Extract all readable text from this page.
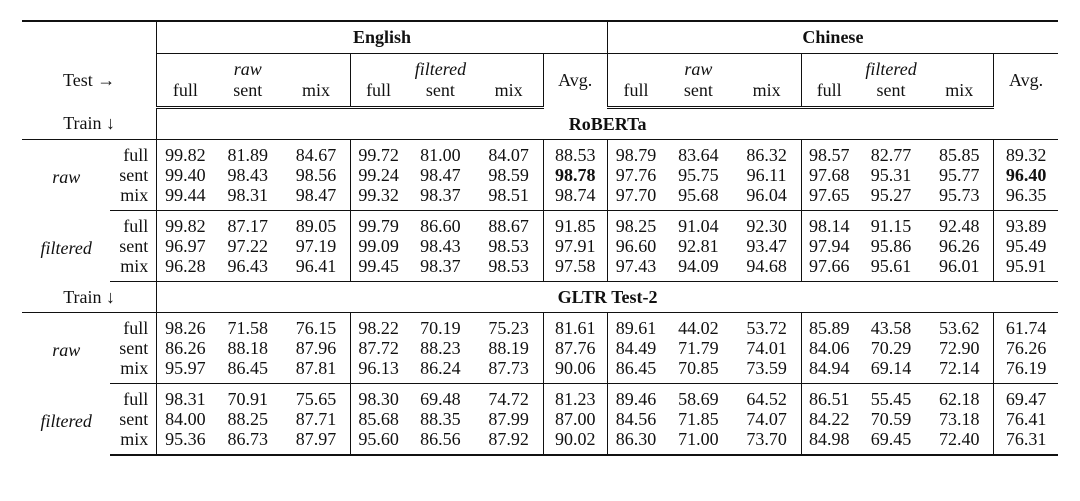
		English							Chinese						
Test →			raw			filtered		Avg.		raw			filtered		Avg.
		full	sent	mix	full	sent	mix		full	sent	mix	full	sent	mix	
Train ↓		RoBERTa													
raw	full	99.82	81.89	84.67	99.72	81.00	84.07	88.53	98.79	83.64	86.32	98.57	82.77	85.85	89.32
	sent	99.40	98.43	98.56	99.24	98.47	98.59	98.78	97.76	95.75	96.11	97.68	95.31	95.77	96.40
	mix	99.44	98.31	98.47	99.32	98.37	98.51	98.74	97.70	95.68	96.04	97.65	95.27	95.73	96.35
filtered	full	99.82	87.17	89.05	99.79	86.60	88.67	91.85	98.25	91.04	92.30	98.14	91.15	92.48	93.89
	sent	96.97	97.22	97.19	99.09	98.43	98.53	97.91	96.60	92.81	93.47	97.94	95.86	96.26	95.49
	mix	96.28	96.43	96.41	99.45	98.37	98.53	97.58	97.43	94.09	94.68	97.66	95.61	96.01	95.91
Train ↓		GLTR Test-2													
raw	full	98.26	71.58	76.15	98.22	70.19	75.23	81.61	89.61	44.02	53.72	85.89	43.58	53.62	61.74
	sent	86.26	88.18	87.96	87.72	88.23	88.19	87.76	84.49	71.79	74.01	84.06	70.29	72.90	76.26
	mix	95.97	86.45	87.81	96.13	86.24	87.73	90.06	86.45	70.85	73.59	84.94	69.14	72.14	76.19
filtered	full	98.31	70.91	75.65	98.30	69.48	74.72	81.23	89.46	58.69	64.52	86.51	55.45	62.18	69.47
	sent	84.00	88.25	87.71	85.68	88.35	87.99	87.00	84.56	71.85	74.07	84.22	70.59	73.18	76.41
	mix	95.36	86.73	87.97	95.60	86.56	87.92	90.02	86.30	71.00	73.70	84.98	69.45	72.40	76.31
